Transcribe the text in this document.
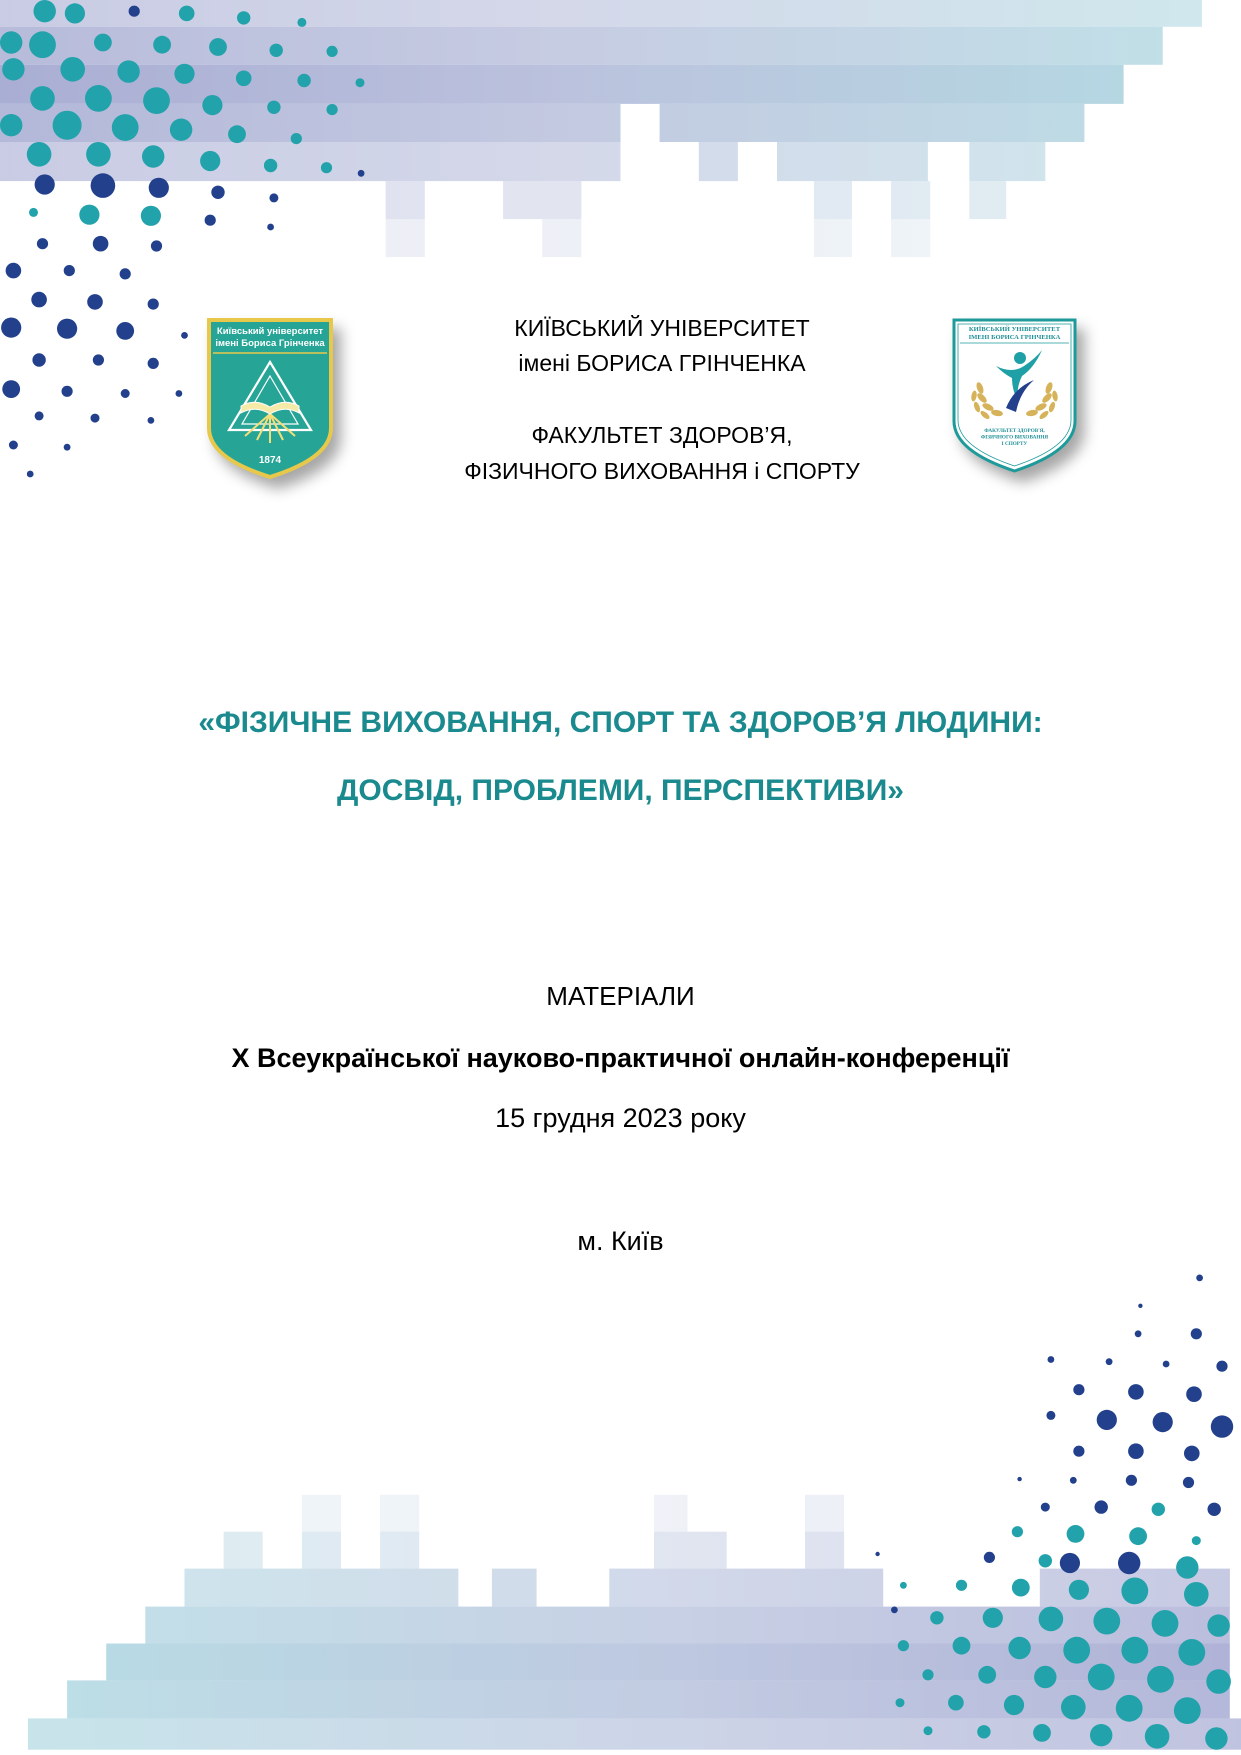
Київський університет
імені Бориса Грінченка
1874
КИЇВСЬКИЙ УНІВЕРСИТЕТ
ІМЕНІ БОРИСА ГРІНЧЕНКА
ФАКУЛЬТЕТ ЗДОРОВ'Я,
ФІЗИЧНОГО ВИХОВАННЯ
І СПОРТУ
КИЇВСЬКИЙ УНІВЕРСИТЕТ
імені БОРИСА ГРІНЧЕНКА
ФАКУЛЬТЕТ ЗДОРОВ’Я,
ФІЗИЧНОГО ВИХОВАННЯ і СПОРТУ
«ФІЗИЧНЕ ВИХОВАННЯ, СПОРТ ТА ЗДОРОВ’Я ЛЮДИНИ:
ДОСВІД, ПРОБЛЕМИ, ПЕРСПЕКТИВИ»
МАТЕРІАЛИ
Х Всеукраїнської науково-практичної онлайн-конференції
15 грудня 2023 року
м. Київ
